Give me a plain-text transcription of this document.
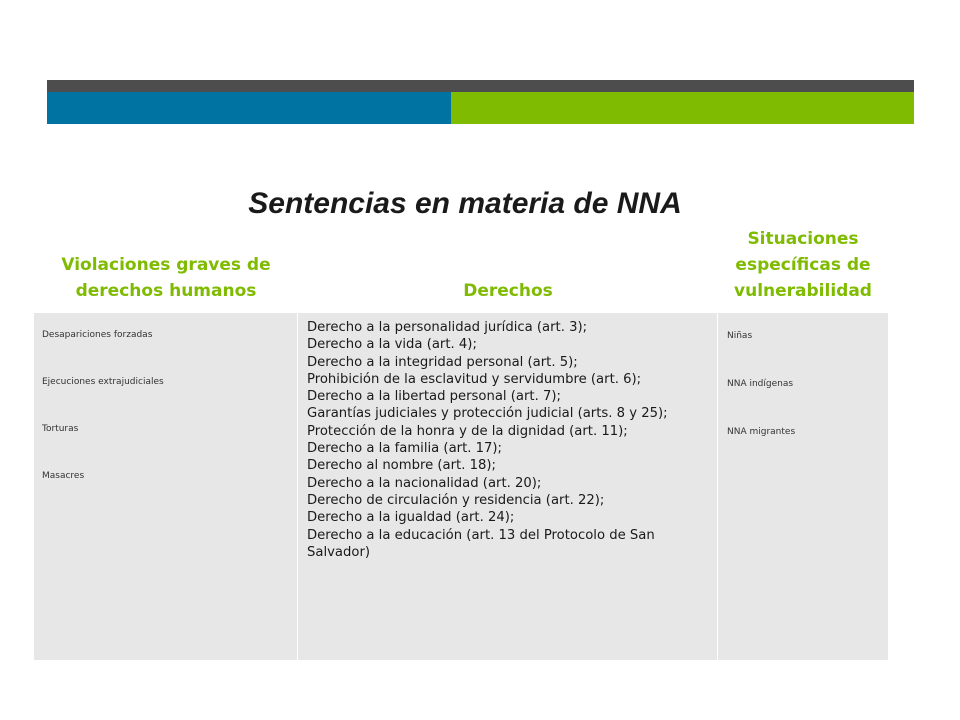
Sentencias en materia de NNA
Violaciones graves de derechos humanos	Derechos
Situaciones específicas de vulnerabilidad

Desapariciones forzadas

Ejecuciones extrajudiciales

Torturas

Masacres

Derecho a la personalidad jurídica (art. 3);
Derecho a la vida (art. 4);
Derecho a la integridad personal (art. 5);
Prohibición de la esclavitud y servidumbre (art. 6);
Derecho a la libertad personal (art. 7);
Garantías judiciales y protección judicial (arts. 8 y 25);
Protección de la honra y de la dignidad (art. 11);
Derecho a la familia (art. 17);
Derecho al nombre (art. 18);
Derecho a la nacionalidad (art. 20);
Derecho de circulación y residencia (art. 22);
Derecho a la igualdad (art. 24);
Derecho a la educación (art. 13 del Protocolo de San Salvador)

Niñas

NNA indígenas

NNA migrantes
